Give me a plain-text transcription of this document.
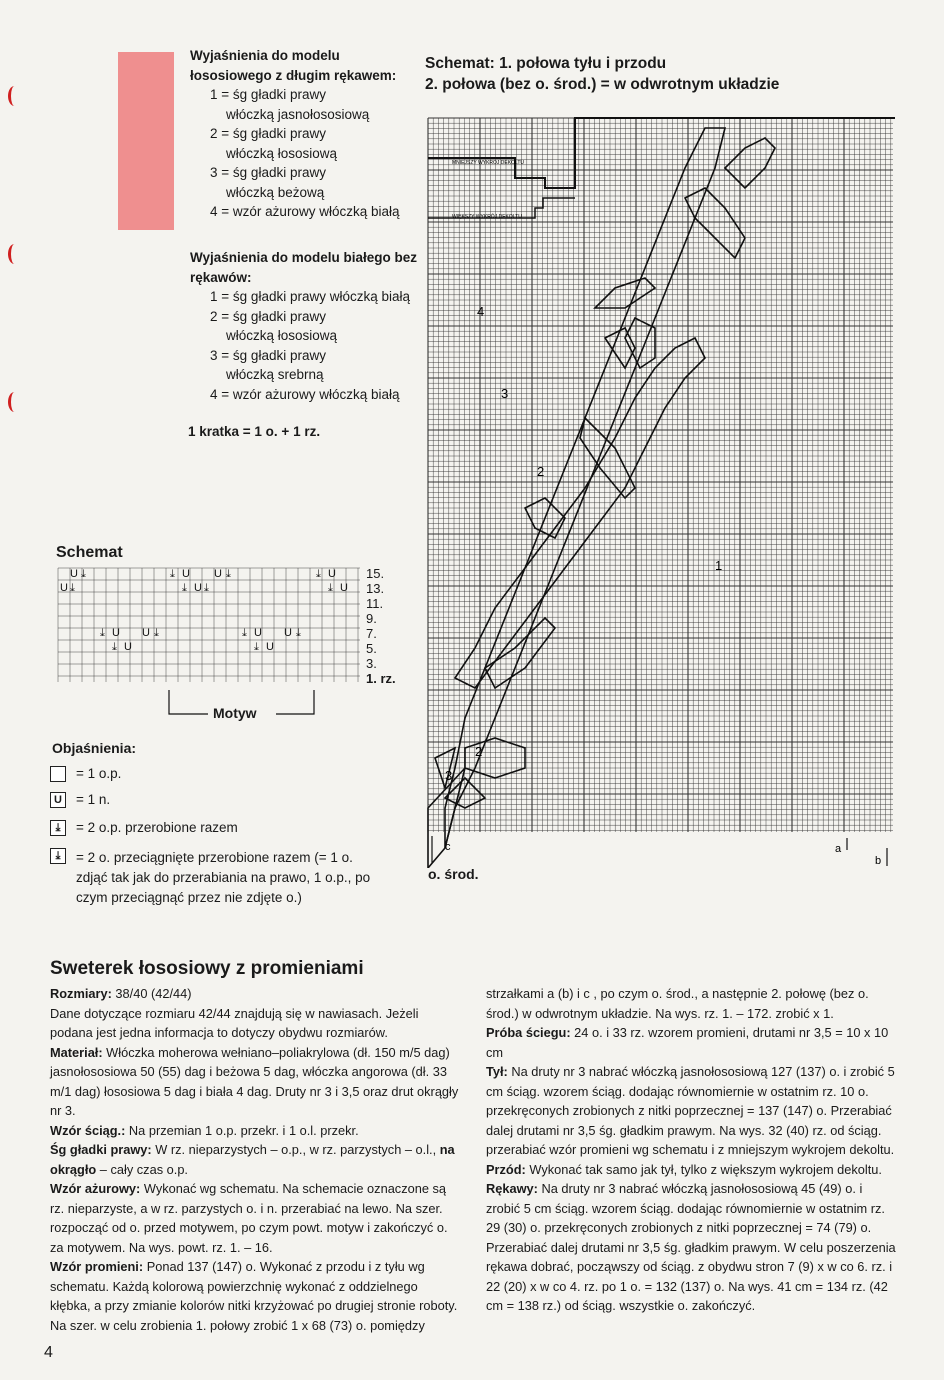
Wyjaśnienia do modelu łososiowego z długim rękawem:
1 = śg gładki prawy
włóczką jasnołososiową
2 = śg gładki prawy
włóczką łososiową
3 = śg gładki prawy
włóczką beżową
4 = wzór ażurowy włóczką białą
Wyjaśnienia do modelu białego bez rękawów:
1 = śg gładki prawy włóczką białą
2 = śg gładki prawy
włóczką łososiową
3 = śg gładki prawy
włóczką srebrną
4 = wzór ażurowy włóczką białą
1 kratka = 1 o. + 1 rz.
Schemat: 1. połowa tyłu i przodu
2. połowa (bez o. środ.) = w odwrotnym układzie
MNIEJSZY WYKROJ DEKOLTU
WIĘKSZY WYKRÓJ DEKOLTU
4
3
2
1
2
3
c	a
b
o. środ.
Schemat
U ⤓
U ⤓
⤓ U U ⤓
⤓ U ⤓
⤓ U
⤓ U
⤓ U U ⤓
⤓ U
⤓ U U ⤓
⤓ U
15.
13.
11.
9.
7.
5.
3.
1. rz.
Motyw
Objaśnienia:
= 1 o.p.
U = 1 n.
⤓	= 2 o.p. przerobione razem
⤓	= 2 o. przeciągnięte przerobione razem (= 1 o. zdjąć tak jak do przerabiania na prawo, 1 o.p., po czym przeciągnąć przez nie zdjęte o.)
Sweterek łososiowy z promieniami
Rozmiary: 38/40 (42/44)
Dane dotyczące rozmiaru 42/44 znajdują się w nawiasach. Jeżeli podana jest jedna informacja to dotyczy obydwu rozmiarów.
Materiał: Włóczka moherowa wełniano–poliakrylowa (dł. 150 m/5 dag) jasnołososiowa 50 (55) dag i beżowa 5 dag, włóczka angorowa (dł. 33 m/1 dag) łososiowa 5 dag i biała 4 dag. Druty nr 3 i 3,5 oraz drut okrągły nr 3.
Wzór ściąg.: Na przemian 1 o.p. przekr. i 1 o.l. przekr.
Śg gładki prawy: W rz. nieparzystych – o.p., w rz. parzystych – o.l., na okrągło – cały czas o.p.
Wzór ażurowy: Wykonać wg schematu. Na schemacie oznaczone są rz. nieparzyste, a w rz. parzystych o. i n. przerabiać na lewo. Na szer. rozpocząć od o. przed motywem, po czym powt. motyw i zakończyć o. za motywem. Na wys. powt. rz. 1. – 16.
Wzór promieni: Ponad 137 (147) o. Wykonać z przodu i z tyłu wg schematu. Każdą kolorową powierzchnię wykonać z oddzielnego kłębka, a przy zmianie kolorów nitki krzyżować po drugiej stronie roboty. Na szer. w celu zrobienia 1. połowy zrobić 1 x 68 (73) o. pomiędzy

strzałkami a (b) i c , po czym o. środ., a następnie 2. połowę (bez o. środ.) w odwrotnym układzie. Na wys. rz. 1. – 172. zrobić x 1.
Próba ściegu: 24 o. i 33 rz. wzorem promieni, drutami nr 3,5 = 10 x 10 cm
Tył: Na druty nr 3 nabrać włóczką jasnołososiową 127 (137) o. i zrobić 5 cm ściąg. wzorem ściąg. dodając równomiernie w ostatnim rz. 10 o. przekręconych zrobionych z nitki poprzecznej = 137 (147) o. Przerabiać dalej drutami nr 3,5 śg. gładkim prawym. Na wys. 32 (40) rz. od ściąg. przerabiać wzór promieni wg schematu i z mniejszym wykrojem dekoltu.
Przód: Wykonać tak samo jak tył, tylko z większym wykrojem dekoltu.
Rękawy: Na druty nr 3 nabrać włóczką jasnołososiową 45 (49) o. i zrobić 5 cm ściąg. wzorem ściąg. dodając równomiernie w ostatnim rz. 29 (30) o. przekręconych zrobionych z nitki poprzecznej = 74 (79) o. Przerabiać dalej drutami nr 3,5 śg. gładkim prawym. W celu poszerzenia rękawa dobrać, począwszy od ściąg. z obydwu stron 7 (9) x w co 6. rz. i 22 (20) x w co 4. rz. po 1 o. = 132 (137) o. Na wys. 41 cm = 134 rz. (42 cm = 138 rz.) od ściąg. wszystkie o. zakończyć.

4
